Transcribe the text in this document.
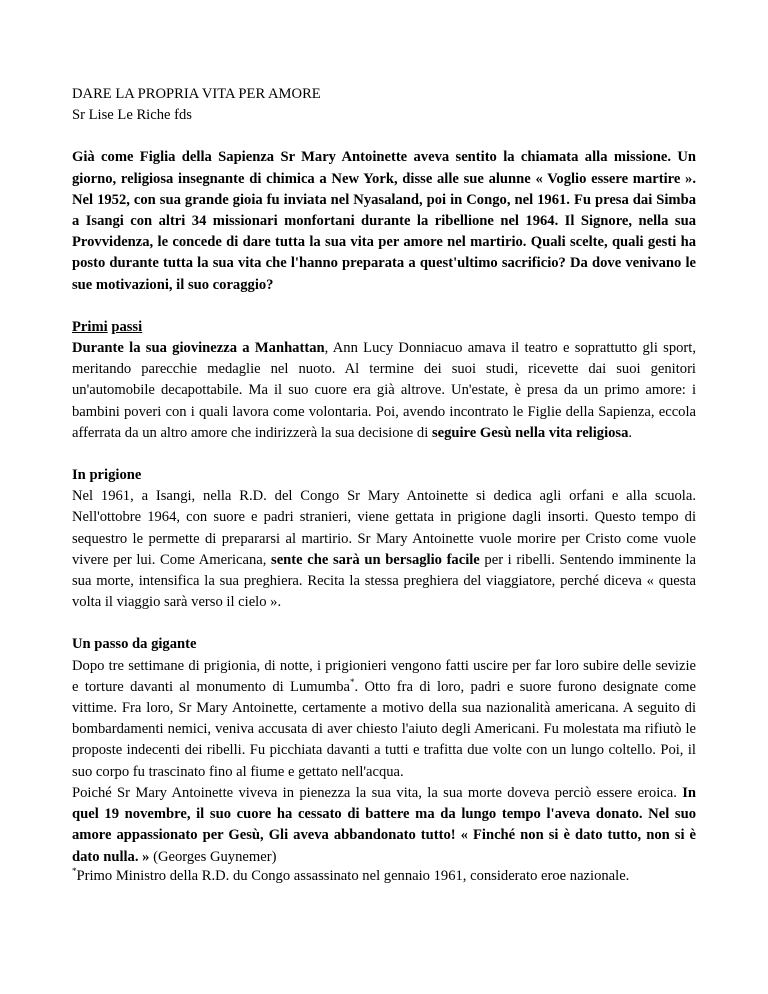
DARE LA PROPRIA VITA PER AMORE
Sr Lise Le Riche fds

Già come Figlia della Sapienza Sr Mary Antoinette aveva sentito la chiamata alla missione. Un giorno, religiosa insegnante di chimica a New York, disse alle sue alunne « Voglio essere martire ». Nel 1952, con sua grande gioia fu inviata nel Nyasaland, poi in Congo, nel 1961. Fu presa dai Simba a Isangi con altri 34 missionari monfortani durante la ribellione nel 1964. Il Signore, nella sua Provvidenza, le concede di dare tutta la sua vita per amore nel martirio. Quali scelte, quali gesti ha posto durante tutta la sua vita che l'hanno preparata a quest'ultimo sacrificio? Da dove venivano le sue motivazioni, il suo coraggio?

Primi passi

Durante la sua giovinezza a Manhattan, Ann Lucy Donniacuo amava il teatro e soprattutto gli sport, meritando parecchie medaglie nel nuoto. Al termine dei suoi studi, ricevette dai suoi genitori un'automobile decapottabile. Ma il suo cuore era già altrove. Un'estate, è presa da un primo amore: i bambini poveri con i quali lavora come volontaria. Poi, avendo incontrato le Figlie della Sapienza, eccola afferrata da un altro amore che indirizzerà la sua decisione di seguire Gesù nella vita religiosa.

In prigione

Nel 1961, a Isangi, nella R.D. del Congo Sr Mary Antoinette si dedica agli orfani e alla scuola. Nell'ottobre 1964, con suore e padri stranieri, viene gettata in prigione dagli insorti. Questo tempo di sequestro le permette di prepararsi al martirio. Sr Mary Antoinette vuole morire per Cristo come vuole vivere per lui. Come Americana, sente che sarà un bersaglio facile per i ribelli. Sentendo imminente la sua morte, intensifica la sua preghiera. Recita la stessa preghiera del viaggiatore, perché diceva « questa volta il viaggio sarà verso il cielo ».

Un passo da gigante

Dopo tre settimane di prigionia, di notte, i prigionieri vengono fatti uscire per far loro subire delle sevizie e torture davanti al monumento di Lumumba*. Otto fra di loro, padri e suore furono designate come vittime. Fra loro, Sr Mary Antoinette, certamente a motivo della sua nazionalità americana. A seguito di bombardamenti nemici, veniva accusata di aver chiesto l'aiuto degli Americani. Fu molestata ma rifiutò le proposte indecenti dei ribelli. Fu picchiata davanti a tutti e trafitta due volte con un lungo coltello. Poi, il suo corpo fu trascinato fino al fiume e gettato nell'acqua.

Poiché Sr Mary Antoinette viveva in pienezza la sua vita, la sua morte doveva perciò essere eroica. In quel 19 novembre, il suo cuore ha cessato di battere ma da lungo tempo l'aveva donato. Nel suo amore appassionato per Gesù, Gli aveva abbandonato tutto! « Finché non si è dato tutto, non si è dato nulla. » (Georges Guynemer)

*Primo Ministro della R.D. du Congo assassinato nel gennaio 1961, considerato eroe nazionale.
